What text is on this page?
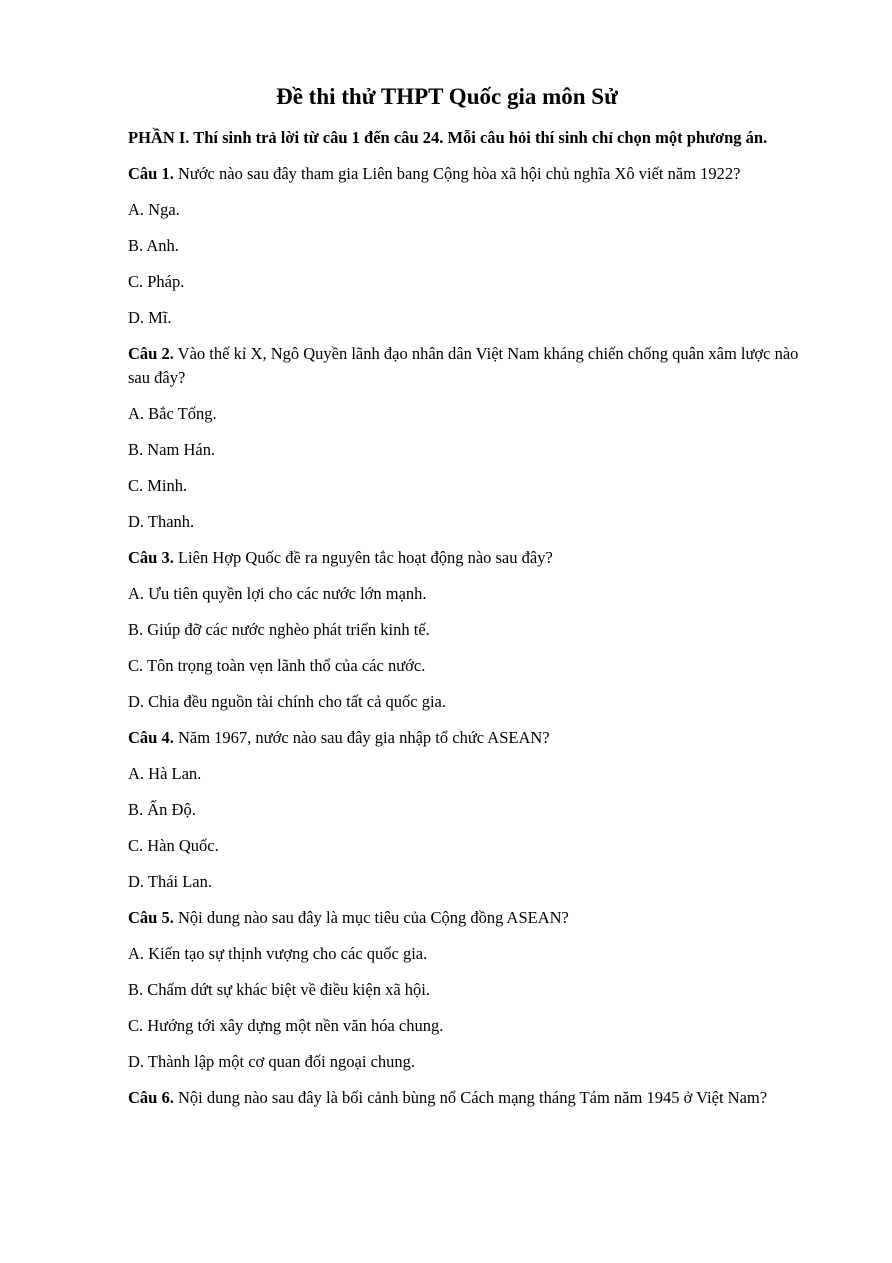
Đề thi thử THPT Quốc gia môn Sử
PHẦN I. Thí sinh trả lời từ câu 1 đến câu 24. Mỗi câu hỏi thí sinh chỉ chọn một phương án.
Câu 1. Nước nào sau đây tham gia Liên bang Cộng hòa xã hội chủ nghĩa Xô viết năm 1922?
A. Nga.
B. Anh.
C. Pháp.
D. Mĩ.
Câu 2. Vào thế kỉ X, Ngô Quyền lãnh đạo nhân dân Việt Nam kháng chiến chống quân xâm lược nào sau đây?
A. Bắc Tống.
B. Nam Hán.
C. Minh.
D. Thanh.
Câu 3. Liên Hợp Quốc đề ra nguyên tắc hoạt động nào sau đây?
A. Ưu tiên quyền lợi cho các nước lớn mạnh.
B. Giúp đỡ các nước nghèo phát triển kinh tế.
C. Tôn trọng toàn vẹn lãnh thổ của các nước.
D. Chia đều nguồn tài chính cho tất cả quốc gia.
Câu 4. Năm 1967, nước nào sau đây gia nhập tổ chức ASEAN?
A. Hà Lan.
B. Ấn Độ.
C. Hàn Quốc.
D. Thái Lan.
Câu 5. Nội dung nào sau đây là mục tiêu của Cộng đồng ASEAN?
A. Kiến tạo sự thịnh vượng cho các quốc gia.
B. Chấm dứt sự khác biệt về điều kiện xã hội.
C. Hướng tới xây dựng một nền văn hóa chung.
D. Thành lập một cơ quan đối ngoại chung.
Câu 6. Nội dung nào sau đây là bối cảnh bùng nổ Cách mạng tháng Tám năm 1945 ở Việt Nam?
